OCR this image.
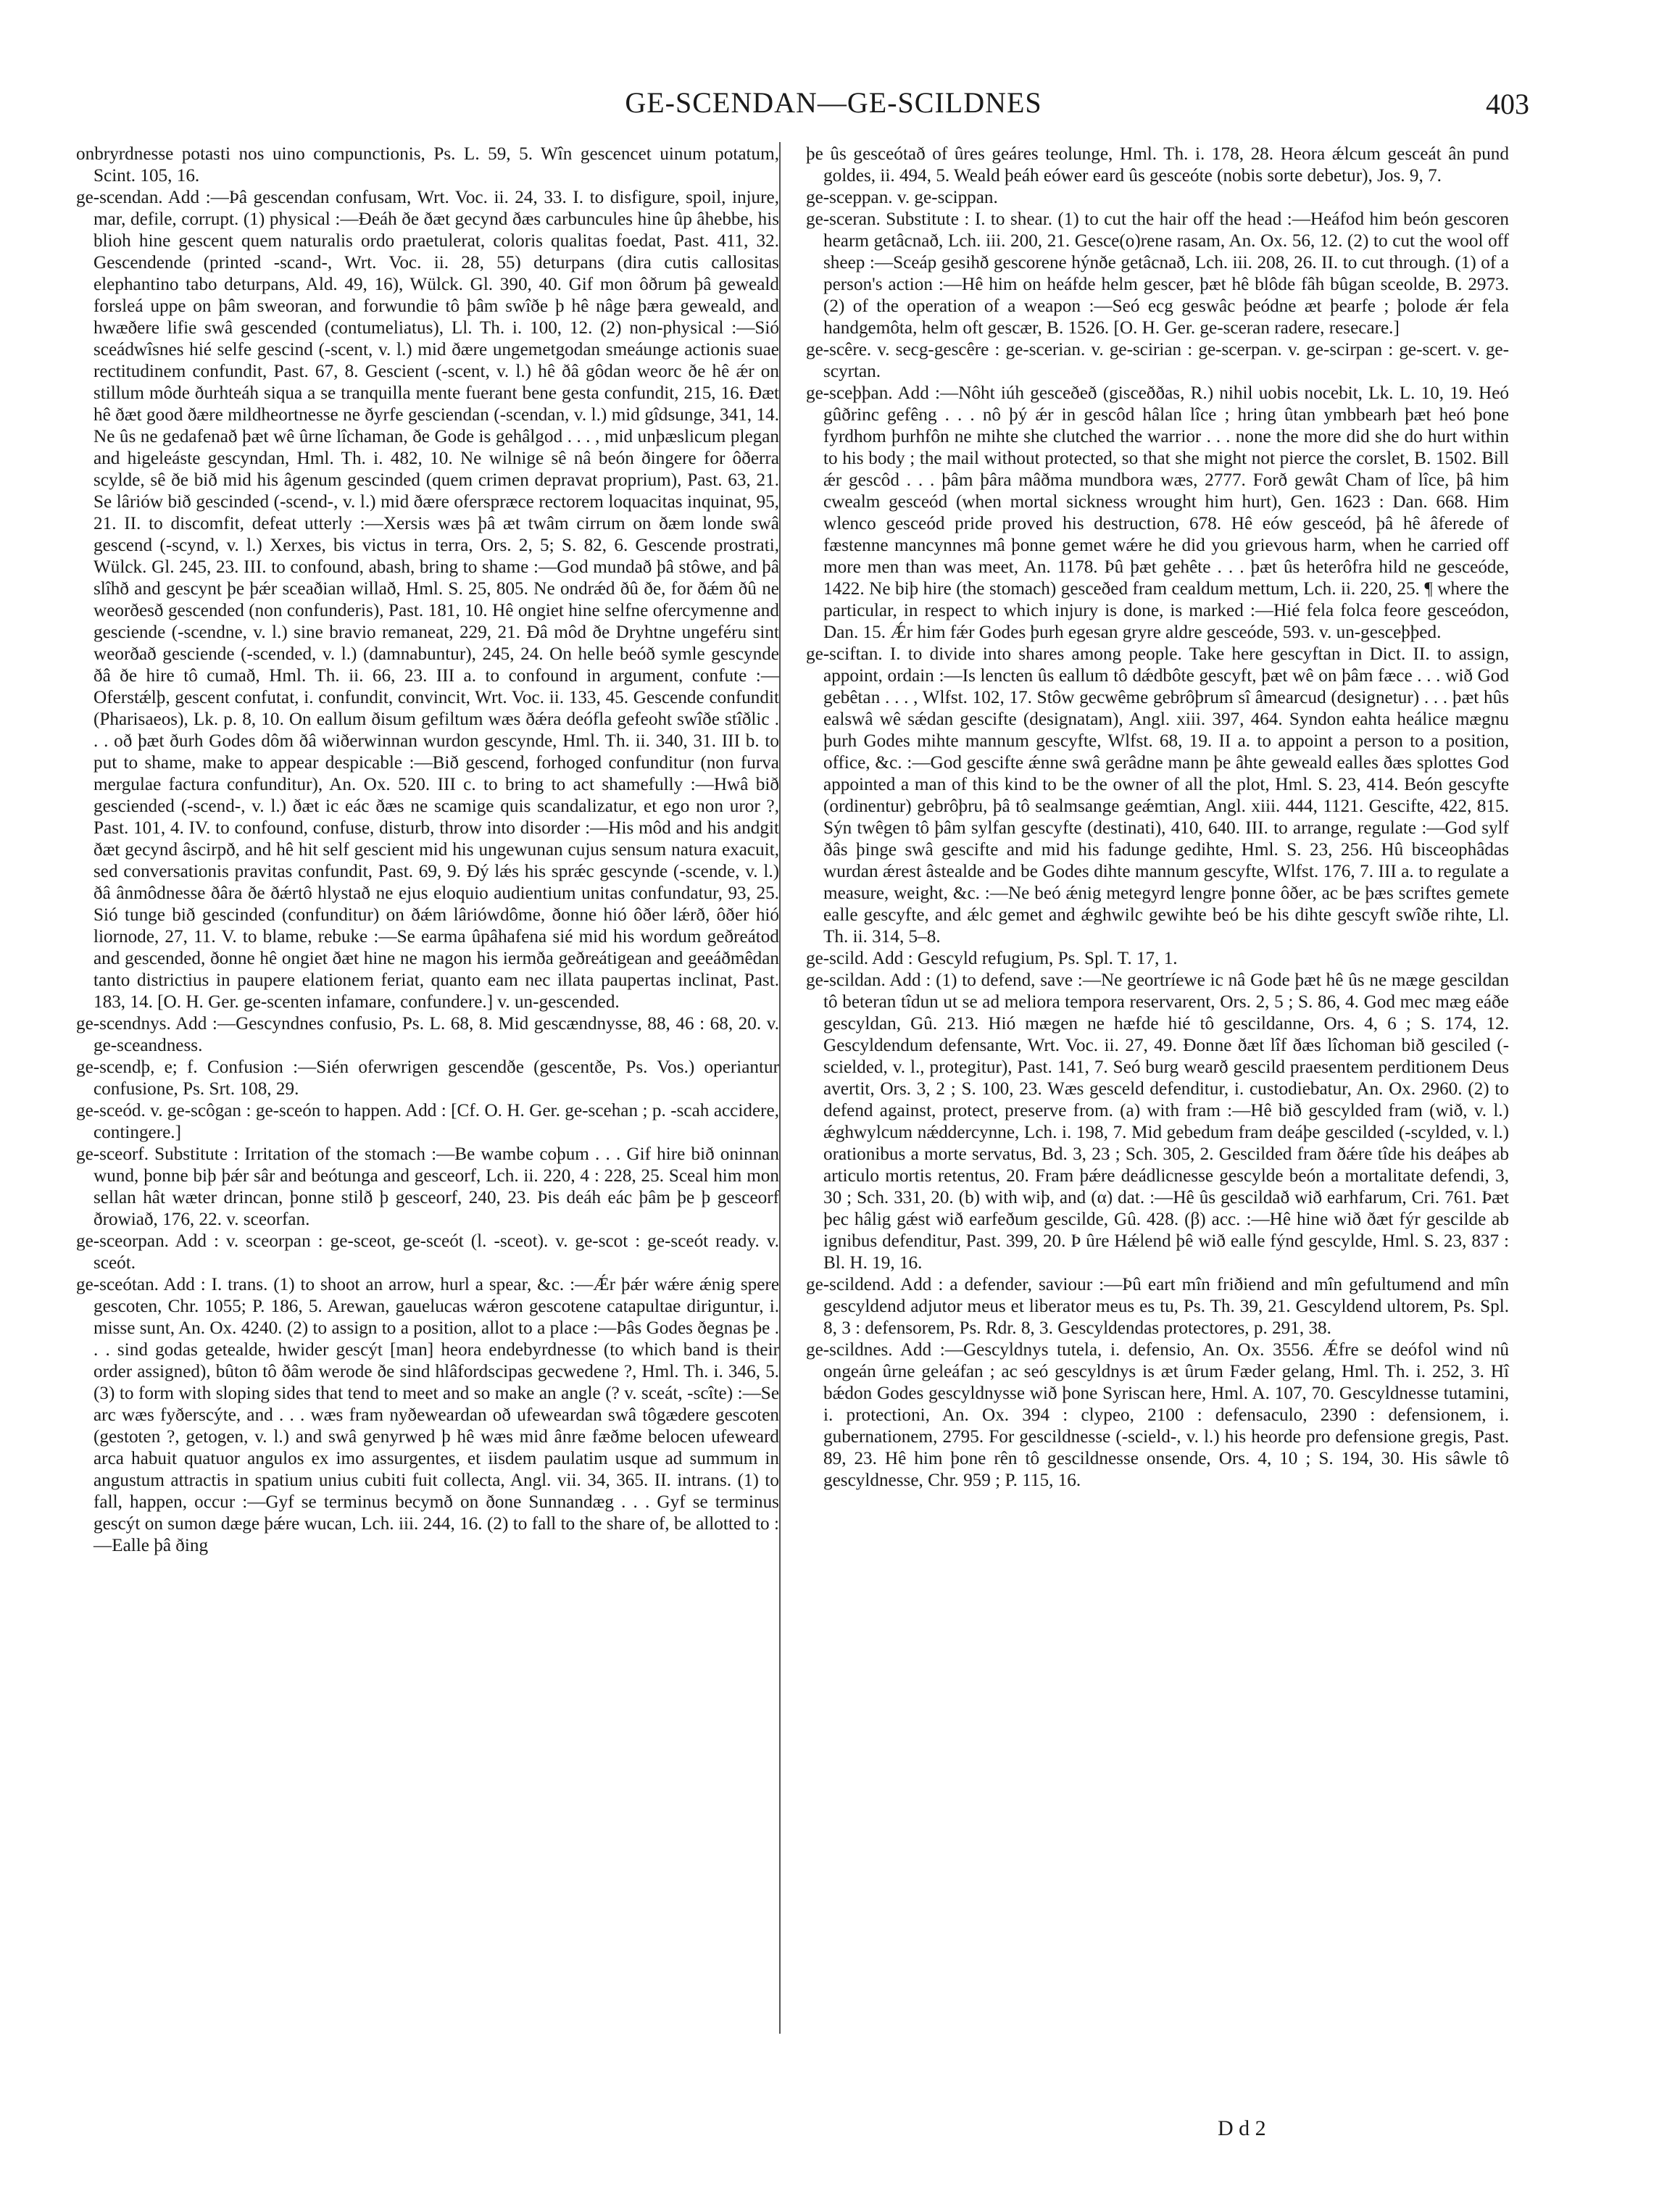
GE-SCENDAN—GE-SCILDNES	403

onbryrdnesse potasti nos uino compunctionis, Ps. L. 59, 5. Wîn gescencet uinum potatum, Scint. 105, 16.

ge-scendan. Add :—Þâ gescendan confusam, Wrt. Voc. ii. 24, 33. I. to disfigure, spoil, injure, mar, defile, corrupt. (1) physical :—Ðeáh ðe ðæt gecynd ðæs carbuncules hine ûp âhebbe, his blioh hine gescent quem naturalis ordo praetulerat, coloris qualitas foedat, Past. 411, 32. Gescendende (printed -scand-, Wrt. Voc. ii. 28, 55) deturpans (dira cutis callositas elephantino tabo deturpans, Ald. 49, 16), Wülck. Gl. 390, 40. Gif mon ôðrum þâ geweald forsleá uppe on þâm sweoran, and forwundie tô þâm swîðe þ hê nâge þæra geweald, and hwæðere lifie swâ gescended (contumeliatus), Ll. Th. i. 100, 12. (2) non-physical :—Sió sceádwîsnes hié selfe gescind (-scent, v. l.) mid ðære ungemetgodan smeáunge actionis suae rectitudinem confundit, Past. 67, 8. Gescient (-scent, v. l.) hê ðâ gôdan weorc ðe hê ǽr on stillum môde ðurhteáh siqua a se tranquilla mente fuerant bene gesta confundit, 215, 16. Ðæt hê ðæt good ðære mildheortnesse ne ðyrfe gesciendan (-scendan, v. l.) mid gîdsunge, 341, 14. Ne ûs ne gedafenað þæt wê ûrne lîchaman, ðe Gode is gehâlgod . . . , mid unþæslicum plegan and higeleáste gescyndan, Hml. Th. i. 482, 10. Ne wilnige sê nâ beón ðingere for ôðerra scylde, sê ðe bið mid his âgenum gescinded (quem crimen depravat proprium), Past. 63, 21. Se lâriów bið gescinded (-scend-, v. l.) mid ðære oferspræce rectorem loquacitas inquinat, 95, 21. II. to discomfit, defeat utterly :—Xersis wæs þâ æt twâm cirrum on ðæm londe swâ gescend (-scynd, v. l.) Xerxes, bis victus in terra, Ors. 2, 5; S. 82, 6. Gescende prostrati, Wülck. Gl. 245, 23. III. to confound, abash, bring to shame :—God mundað þâ stôwe, and þâ slîhð and gescynt þe þǽr sceaðian willað, Hml. S. 25, 805. Ne ondrǽd ðû ðe, for ðǽm ðû ne weorðesð gescended (non confunderis), Past. 181, 10. Hê ongiet hine selfne ofercymenne and gesciende (-scendne, v. l.) sine bravio remaneat, 229, 21. Ðâ môd ðe Dryhtne ungeféru sint weorðað gesciende (-scended, v. l.) (damnabuntur), 245, 24. On helle beóð symle gescynde ðâ ðe hire tô cumað, Hml. Th. ii. 66, 23. III a. to confound in argument, confute :—Oferstǽlþ, gescent confutat, i. confundit, convincit, Wrt. Voc. ii. 133, 45. Gescende confundit (Pharisaeos), Lk. p. 8, 10. On eallum ðisum gefiltum wæs ðǽra deófla gefeoht swîðe stîðlic . . . oð þæt ðurh Godes dôm ðâ wiðerwinnan wurdon gescynde, Hml. Th. ii. 340, 31. III b. to put to shame, make to appear despicable :—Bið gescend, forhoged confunditur (non furva mergulae factura confunditur), An. Ox. 520. III c. to bring to act shamefully :—Hwâ bið gesciended (-scend-, v. l.) ðæt ic eác ðæs ne scamige quis scandalizatur, et ego non uror ?, Past. 101, 4. IV. to confound, confuse, disturb, throw into disorder :—His môd and his andgit ðæt gecynd âscirpð, and hê hit self gescient mid his ungewunan cujus sensum natura exacuit, sed conversationis pravitas confundit, Past. 69, 9. Ðý lǽs his sprǽc gescynde (-scende, v. l.) ðâ ânmôdnesse ðâra ðe ðǽrtô hlystað ne ejus eloquio audientium unitas confundatur, 93, 25. Sió tunge bið gescinded (confunditur) on ðǽm lâriówdôme, ðonne hió ôðer lǽrð, ôðer hió liornode, 27, 11. V. to blame, rebuke :—Se earma ûpâhafena sié mid his wordum geðreátod and gescended, ðonne hê ongiet ðæt hine ne magon his iermða geðreátigean and geeáðmêdan tanto districtius in paupere elationem feriat, quanto eam nec illata paupertas inclinat, Past. 183, 14. [O. H. Ger. ge-scenten infamare, confundere.] v. un-gescended.

ge-scendnys. Add :—Gescyndnes confusio, Ps. L. 68, 8. Mid gescændnysse, 88, 46 : 68, 20. v. ge-sceandness.

ge-scendþ, e; f. Confusion :—Sién oferwrigen gescendðe (gescentðe, Ps. Vos.) operiantur confusione, Ps. Srt. 108, 29.

ge-sceód. v. ge-scôgan : ge-sceón to happen. Add : [Cf. O. H. Ger. ge-scehan ; p. -scah accidere, contingere.]

ge-sceorf. Substitute : Irritation of the stomach :—Be wambe coþum . . . Gif hire bið oninnan wund, þonne biþ þǽr sâr and beótunga and gesceorf, Lch. ii. 220, 4 : 228, 25. Sceal him mon sellan hât wæter drincan, þonne stilð þ gesceorf, 240, 23. Þis deáh eác þâm þe þ gesceorf ðrowiað, 176, 22. v. sceorfan.

ge-sceorpan. Add : v. sceorpan : ge-sceot, ge-sceót (l. -sceot). v. ge-scot : ge-sceót ready. v. sceót.

ge-sceótan. Add : I. trans. (1) to shoot an arrow, hurl a spear, &c. :—Ǽr þǽr wǽre ǽnig spere gescoten, Chr. 1055; P. 186, 5. Arewan, gauelucas wǽron gescotene catapultae diriguntur, i. misse sunt, An. Ox. 4240. (2) to assign to a position, allot to a place :—Þâs Godes ðegnas þe . . . sind godas getealde, hwider gescýt [man] heora endebyrdnesse (to which band is their order assigned), bûton tô ðâm werode ðe sind hlâfordscipas gecwedene ?, Hml. Th. i. 346, 5. (3) to form with sloping sides that tend to meet and so make an angle (? v. sceát, -scîte) :—Se arc wæs fyðerscýte, and . . . wæs fram nyðeweardan oð ufeweardan swâ tôgædere gescoten (gestoten ?, getogen, v. l.) and swâ genyrwed þ hê wæs mid ânre fæðme belocen ufeweard arca habuit quatuor angulos ex imo assurgentes, et iisdem paulatim usque ad summum in angustum attractis in spatium unius cubiti fuit collecta, Angl. vii. 34, 365. II. intrans. (1) to fall, happen, occur :—Gyf se terminus becymð on ðone Sunnandæg . . . Gyf se terminus gescýt on sumon dæge þǽre wucan, Lch. iii. 244, 16. (2) to fall to the share of, be allotted to :—Ealle þâ ðing

þe ûs gesceótað of ûres geáres teolunge, Hml. Th. i. 178, 28. Heora ǽlcum gesceát ân pund goldes, ii. 494, 5. Weald þeáh eówer eard ûs gesceóte (nobis sorte debetur), Jos. 9, 7.

ge-sceppan. v. ge-scippan.

ge-sceran. Substitute : I. to shear. (1) to cut the hair off the head :—Heáfod him beón gescoren hearm getâcnað, Lch. iii. 200, 21. Gesce(o)rene rasam, An. Ox. 56, 12. (2) to cut the wool off sheep :—Sceáp gesihð gescorene hýnðe getâcnað, Lch. iii. 208, 26. II. to cut through. (1) of a person's action :—Hê him on heáfde helm gescer, þæt hê blôde fâh bûgan sceolde, B. 2973. (2) of the operation of a weapon :—Seó ecg geswâc þeódne æt þearfe ; þolode ǽr fela handgemôta, helm oft gescær, B. 1526. [O. H. Ger. ge-sceran radere, resecare.]

ge-scêre. v. secg-gescêre : ge-scerian. v. ge-scirian : ge-scerpan. v. ge-scirpan : ge-scert. v. ge-scyrtan.

ge-sceþþan. Add :—Nôht iúh gesceðeð (gisceððas, R.) nihil uobis nocebit, Lk. L. 10, 19. Heó gûðrinc gefêng . . . nô þý ǽr in gescôd hâlan lîce ; hring ûtan ymbbearh þæt heó þone fyrdhom þurhfôn ne mihte she clutched the warrior . . . none the more did she do hurt within to his body ; the mail without protected, so that she might not pierce the corslet, B. 1502. Bill ǽr gescôd . . . þâm þâra mâðma mundbora wæs, 2777. Forð gewât Cham of lîce, þâ him cwealm gesceód (when mortal sickness wrought him hurt), Gen. 1623 : Dan. 668. Him wlenco gesceód pride proved his destruction, 678. Hê eów gesceód, þâ hê âferede of fæstenne mancynnes mâ þonne gemet wǽre he did you grievous harm, when he carried off more men than was meet, An. 1178. Þû þæt gehête . . . þæt ûs heterôfra hild ne gesceóde, 1422. Ne biþ hire (the stomach) gesceðed fram cealdum mettum, Lch. ii. 220, 25. ¶ where the particular, in respect to which injury is done, is marked :—Hié fela folca feore gesceódon, Dan. 15. Ǽr him fǽr Godes þurh egesan gryre aldre gesceóde, 593. v. un-gesceþþed.

ge-sciftan. I. to divide into shares among people. Take here gescyftan in Dict. II. to assign, appoint, ordain :—Is lencten ûs eallum tô dǽdbôte gescyft, þæt wê on þâm fæce . . . wið God gebêtan . . . , Wlfst. 102, 17. Stôw gecwême gebrôþrum sî âmearcud (designetur) . . . þæt hûs ealswâ wê sǽdan gescifte (designatam), Angl. xiii. 397, 464. Syndon eahta heálice mægnu þurh Godes mihte mannum gescyfte, Wlfst. 68, 19. II a. to appoint a person to a position, office, &c. :—God gescifte ǽnne swâ gerâdne mann þe âhte geweald ealles ðæs splottes God appointed a man of this kind to be the owner of all the plot, Hml. S. 23, 414. Beón gescyfte (ordinentur) gebrôþru, þâ tô sealmsange geǽmtian, Angl. xiii. 444, 1121. Gescifte, 422, 815. Sýn twêgen tô þâm sylfan gescyfte (destinati), 410, 640. III. to arrange, regulate :—God sylf ðâs þinge swâ gescifte and mid his fadunge gedihte, Hml. S. 23, 256. Hû bisceophâdas wurdan ǽrest âstealde and be Godes dihte mannum gescyfte, Wlfst. 176, 7. III a. to regulate a measure, weight, &c. :—Ne beó ǽnig metegyrd lengre þonne ôðer, ac be þæs scriftes gemete ealle gescyfte, and ǽlc gemet and ǽghwilc gewihte beó be his dihte gescyft swîðe rihte, Ll. Th. ii. 314, 5–8.

ge-scild. Add : Gescyld refugium, Ps. Spl. T. 17, 1.

ge-scildan. Add : (1) to defend, save :—Ne geortríewe ic nâ Gode þæt hê ûs ne mæge gescildan tô beteran tîdun ut se ad meliora tempora reservarent, Ors. 2, 5 ; S. 86, 4. God mec mæg eáðe gescyldan, Gû. 213. Hió mægen ne hæfde hié tô gescildanne, Ors. 4, 6 ; S. 174, 12. Gescyldendum defensante, Wrt. Voc. ii. 27, 49. Ðonne ðæt lîf ðæs lîchoman bið gesciled (-scielded, v. l., protegitur), Past. 141, 7. Seó burg wearð gescild praesentem perditionem Deus avertit, Ors. 3, 2 ; S. 100, 23. Wæs gesceld defenditur, i. custodiebatur, An. Ox. 2960. (2) to defend against, protect, preserve from. (a) with fram :—Hê bið gescylded fram (wið, v. l.) ǽghwylcum nǽddercynne, Lch. i. 198, 7. Mid gebedum fram deáþe gescilded (-scylded, v. l.) orationibus a morte servatus, Bd. 3, 23 ; Sch. 305, 2. Gescilded fram ðǽre tîde his deáþes ab articulo mortis retentus, 20. Fram þǽre deádlicnesse gescylde beón a mortalitate defendi, 3, 30 ; Sch. 331, 20. (b) with wiþ, and (α) dat. :—Hê ûs gescildað wið earhfarum, Cri. 761. Þæt þec hâlig gǽst wið earfeðum gescilde, Gû. 428. (β) acc. :—Hê hine wið ðæt fýr gescilde ab ignibus defenditur, Past. 399, 20. Þ ûre Hǽlend þê wið ealle fýnd gescylde, Hml. S. 23, 837 : Bl. H. 19, 16.

ge-scildend. Add : a defender, saviour :—Þû eart mîn friðiend and mîn gefultumend and mîn gescyldend adjutor meus et liberator meus es tu, Ps. Th. 39, 21. Gescyldend ultorem, Ps. Spl. 8, 3 : defensorem, Ps. Rdr. 8, 3. Gescyldendas protectores, p. 291, 38.

ge-scildnes. Add :—Gescyldnys tutela, i. defensio, An. Ox. 3556. Ǽfre se deófol wind nû ongeán ûrne geleáfan ; ac seó gescyldnys is æt ûrum Fæder gelang, Hml. Th. i. 252, 3. Hî bǽdon Godes gescyldnysse wið þone Syriscan here, Hml. A. 107, 70. Gescyldnesse tutamini, i. protectioni, An. Ox. 394 : clypeo, 2100 : defensaculo, 2390 : defensionem, i. gubernationem, 2795. For gescildnesse (-scield-, v. l.) his heorde pro defensione gregis, Past. 89, 23. Hê him þone rên tô gescildnesse onsende, Ors. 4, 10 ; S. 194, 30. His sâwle tô gescyldnesse, Chr. 959 ; P. 115, 16.

D d 2
